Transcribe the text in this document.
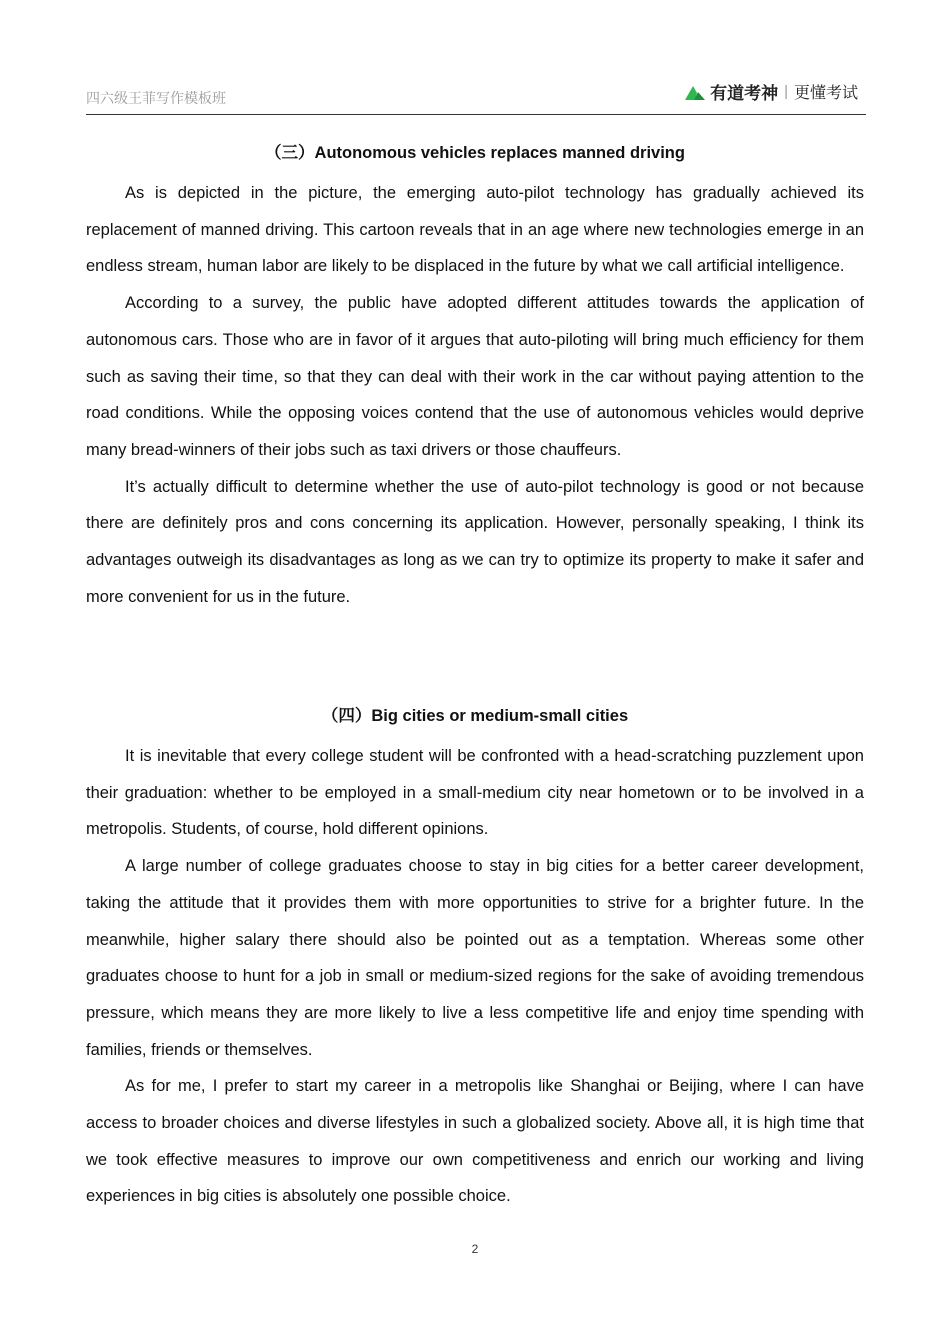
四六级王菲写作模板班	有道考神 | 更懂考试
（三）Autonomous vehicles replaces manned driving

As is depicted in the picture, the emerging auto-pilot technology has gradually achieved its replacement of manned driving. This cartoon reveals that in an age where new technologies emerge in an endless stream, human labor are likely to be displaced in the future by what we call artificial intelligence.

According to a survey, the public have adopted different attitudes towards the application of autonomous cars. Those who are in favor of it argues that auto-piloting will bring much efficiency for them such as saving their time, so that they can deal with their work in the car without paying attention to the road conditions. While the opposing voices contend that the use of autonomous vehicles would deprive many bread-winners of their jobs such as taxi drivers or those chauffeurs.

It’s actually difficult to determine whether the use of auto-pilot technology is good or not because there are definitely pros and cons concerning its application. However, personally speaking, I think its advantages outweigh its disadvantages as long as we can try to optimize its property to make it safer and more convenient for us in the future.

（四）Big cities or medium-small cities

It is inevitable that every college student will be confronted with a head-scratching puzzlement upon their graduation: whether to be employed in a small-medium city near hometown or to be involved in a metropolis. Students, of course, hold different opinions.

A large number of college graduates choose to stay in big cities for a better career development, taking the attitude that it provides them with more opportunities to strive for a brighter future. In the meanwhile, higher salary there should also be pointed out as a temptation. Whereas some other graduates choose to hunt for a job in small or medium-sized regions for the sake of avoiding tremendous pressure, which means they are more likely to live a less competitive life and enjoy time spending with families, friends or themselves.

As for me, I prefer to start my career in a metropolis like Shanghai or Beijing, where I can have access to broader choices and diverse lifestyles in such a globalized society. Above all, it is high time that we took effective measures to improve our own competitiveness and enrich our working and living experiences in big cities is absolutely one possible choice.

2
